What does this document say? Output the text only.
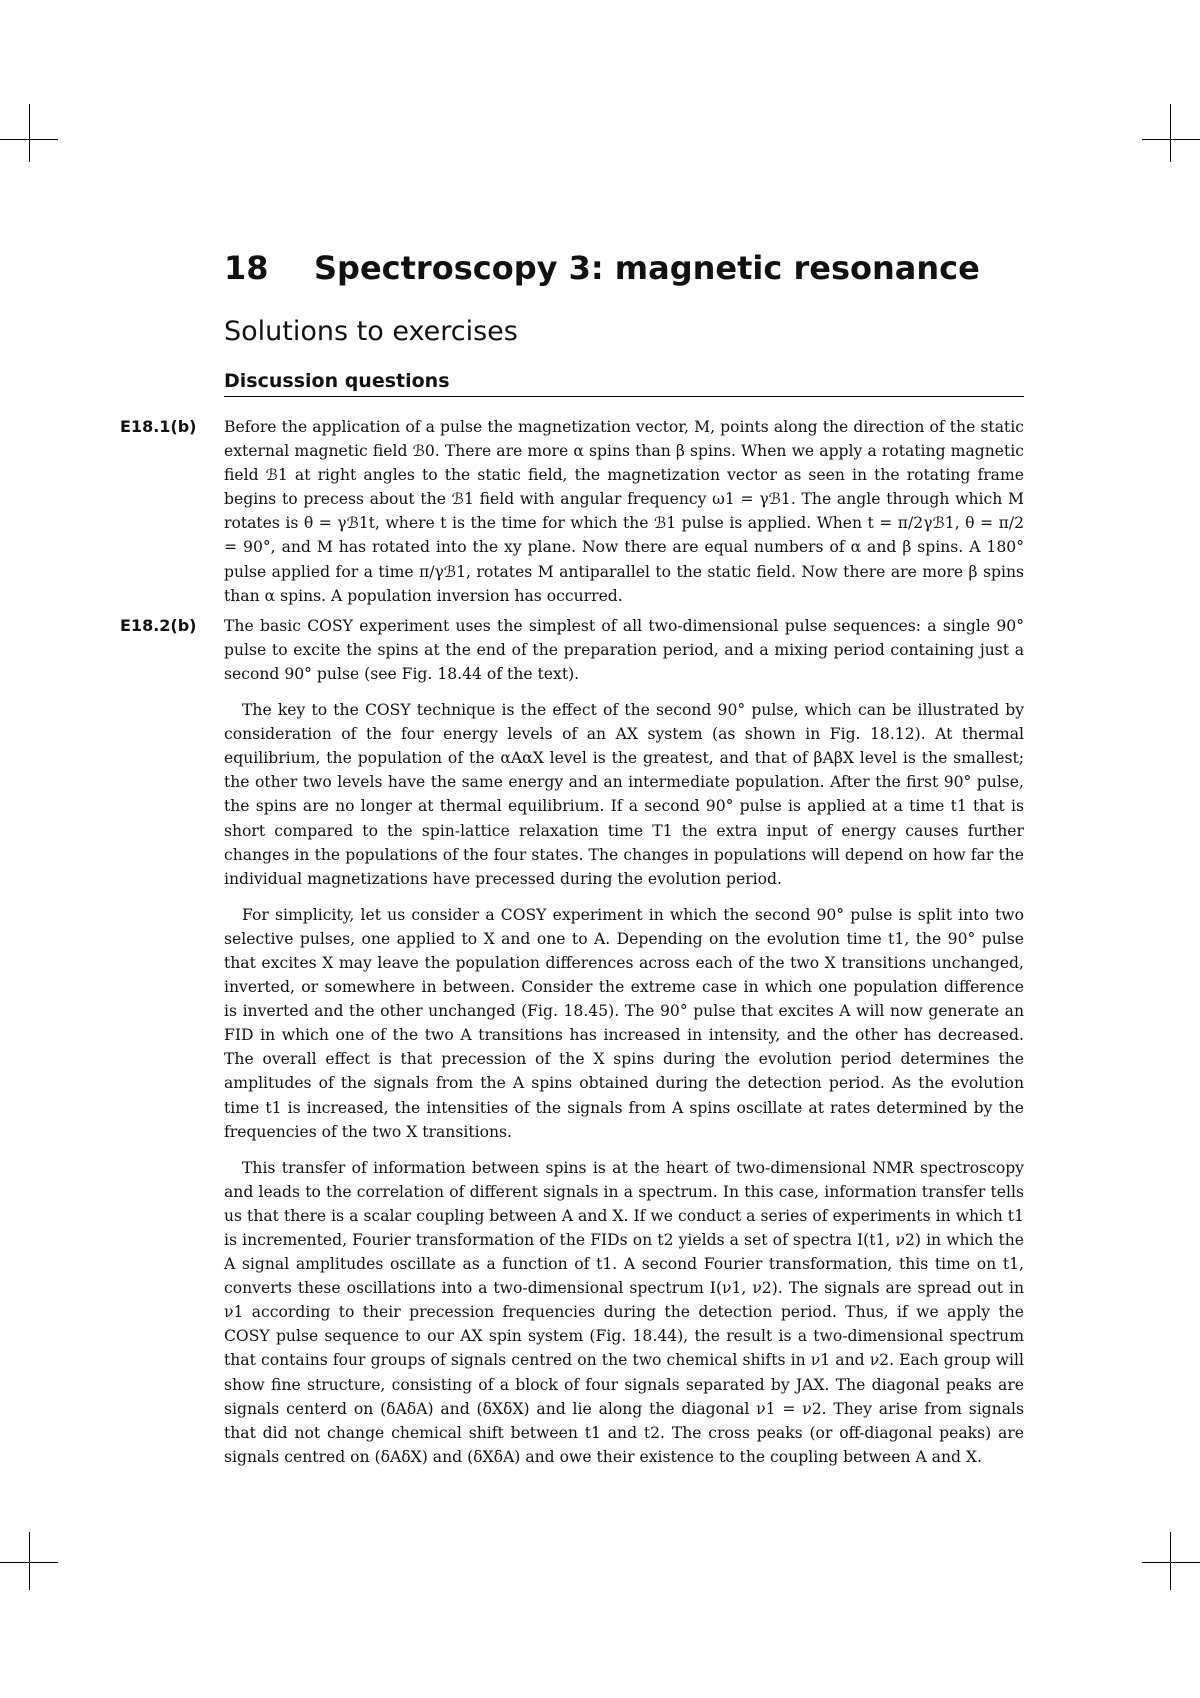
18 Spectroscopy 3: magnetic resonance
Solutions to exercises
Discussion questions

E18.1(b) Before the application of a pulse the magnetization vector, M, points along the direction of the static external magnetic field ℬ0. There are more α spins than β spins. When we apply a rotating magnetic field ℬ1 at right angles to the static field, the magnetization vector as seen in the rotating frame begins to precess about the ℬ1 field with angular frequency ω1 = γℬ1. The angle through which M rotates is θ = γℬ1t, where t is the time for which the ℬ1 pulse is applied. When t = π/2γℬ1, θ = π/2 = 90°, and M has rotated into the xy plane. Now there are equal numbers of α and β spins. A 180° pulse applied for a time π/γℬ1, rotates M antiparallel to the static field. Now there are more β spins than α spins. A population inversion has occurred.

E18.2(b) The basic COSY experiment uses the simplest of all two-dimensional pulse sequences: a single 90° pulse to excite the spins at the end of the preparation period, and a mixing period containing just a second 90° pulse (see Fig. 18.44 of the text).

The key to the COSY technique is the effect of the second 90° pulse, which can be illustrated by consideration of the four energy levels of an AX system (as shown in Fig. 18.12). At thermal equilibrium, the population of the αAαX level is the greatest, and that of βAβX level is the smallest; the other two levels have the same energy and an intermediate population. After the first 90° pulse, the spins are no longer at thermal equilibrium. If a second 90° pulse is applied at a time t1 that is short compared to the spin-lattice relaxation time T1 the extra input of energy causes further changes in the populations of the four states. The changes in populations will depend on how far the individual magnetizations have precessed during the evolution period.

For simplicity, let us consider a COSY experiment in which the second 90° pulse is split into two selective pulses, one applied to X and one to A. Depending on the evolution time t1, the 90° pulse that excites X may leave the population differences across each of the two X transitions unchanged, inverted, or somewhere in between. Consider the extreme case in which one population difference is inverted and the other unchanged (Fig. 18.45). The 90° pulse that excites A will now generate an FID in which one of the two A transitions has increased in intensity, and the other has decreased. The overall effect is that precession of the X spins during the evolution period determines the amplitudes of the signals from the A spins obtained during the detection period. As the evolution time t1 is increased, the intensities of the signals from A spins oscillate at rates determined by the frequencies of the two X transitions.

This transfer of information between spins is at the heart of two-dimensional NMR spectroscopy and leads to the correlation of different signals in a spectrum. In this case, information transfer tells us that there is a scalar coupling between A and X. If we conduct a series of experiments in which t1 is incremented, Fourier transformation of the FIDs on t2 yields a set of spectra I(t1, ν2) in which the A signal amplitudes oscillate as a function of t1. A second Fourier transformation, this time on t1, converts these oscillations into a two-dimensional spectrum I(ν1, ν2). The signals are spread out in ν1 according to their precession frequencies during the detection period. Thus, if we apply the COSY pulse sequence to our AX spin system (Fig. 18.44), the result is a two-dimensional spectrum that contains four groups of signals centred on the two chemical shifts in ν1 and ν2. Each group will show fine structure, consisting of a block of four signals separated by JAX. The diagonal peaks are signals centerd on (δAδA) and (δXδX) and lie along the diagonal ν1 = ν2. They arise from signals that did not change chemical shift between t1 and t2. The cross peaks (or off-diagonal peaks) are signals centred on (δAδX) and (δXδA) and owe their existence to the coupling between A and X.
